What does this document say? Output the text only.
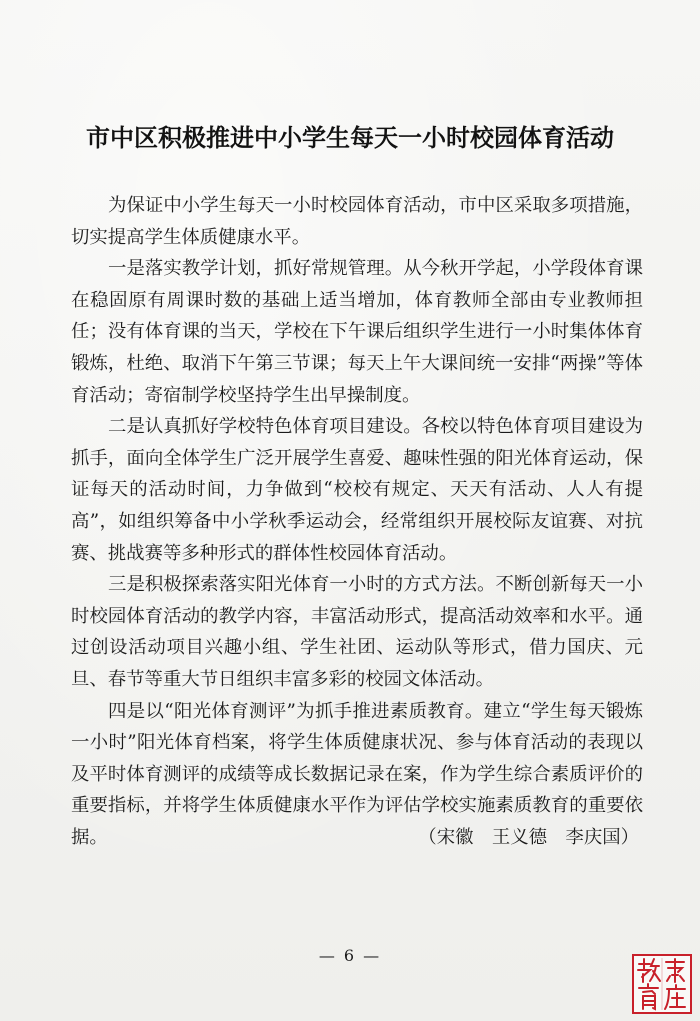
市中区积极推进中小学生每天一小时校园体育活动

为保证中小学生每天一小时校园体育活动，市中区采取多项措施，切实提高学生体质健康水平。

一是落实教学计划，抓好常规管理。从今秋开学起，小学段体育课在稳固原有周课时数的基础上适当增加，体育教师全部由专业教师担任；没有体育课的当天，学校在下午课后组织学生进行一小时集体体育锻炼，杜绝、取消下午第三节课；每天上午大课间统一安排“两操”等体育活动；寄宿制学校坚持学生出早操制度。

二是认真抓好学校特色体育项目建设。各校以特色体育项目建设为抓手，面向全体学生广泛开展学生喜爱、趣味性强的阳光体育运动，保证每天的活动时间，力争做到“校校有规定、天天有活动、人人有提高”，如组织筹备中小学秋季运动会，经常组织开展校际友谊赛、对抗赛、挑战赛等多种形式的群体性校园体育活动。

三是积极探索落实阳光体育一小时的方式方法。不断创新每天一小时校园体育活动的教学内容，丰富活动形式，提高活动效率和水平。通过创设活动项目兴趣小组、学生社团、运动队等形式，借力国庆、元旦、春节等重大节日组织丰富多彩的校园文体活动。

四是以“阳光体育测评”为抓手推进素质教育。建立“学生每天锻炼一小时”阳光体育档案，将学生体质健康状况、参与体育活动的表现以及平时体育测评的成绩等成长数据记录在案，作为学生综合素质评价的重要指标，并将学生体质健康水平作为评估学校实施素质教育的重要依据。	（宋徽　王义德　李庆国）

— 6 —
